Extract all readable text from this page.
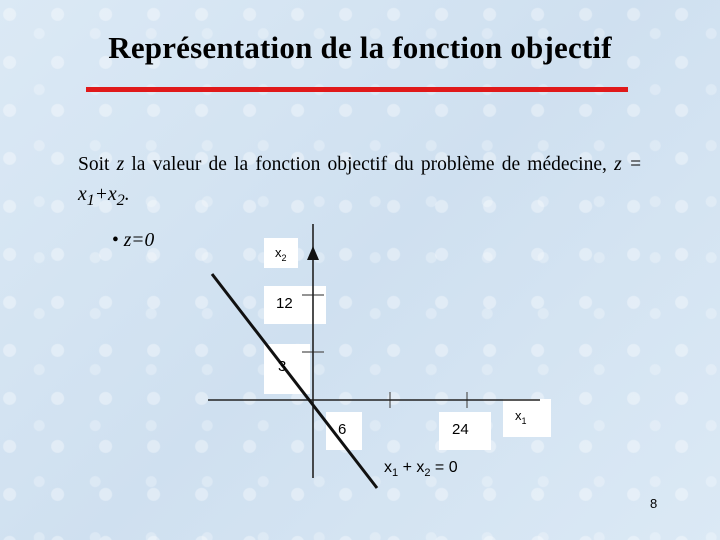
Représentation de la fonction objectif
Soit z la valeur de la fonction objectif du problème de médecine, $z = x_1+x_2$.
• z=0
$x_2$
12
3
6	24
$x_1$
$x_1 + x_2 = 0$
8
